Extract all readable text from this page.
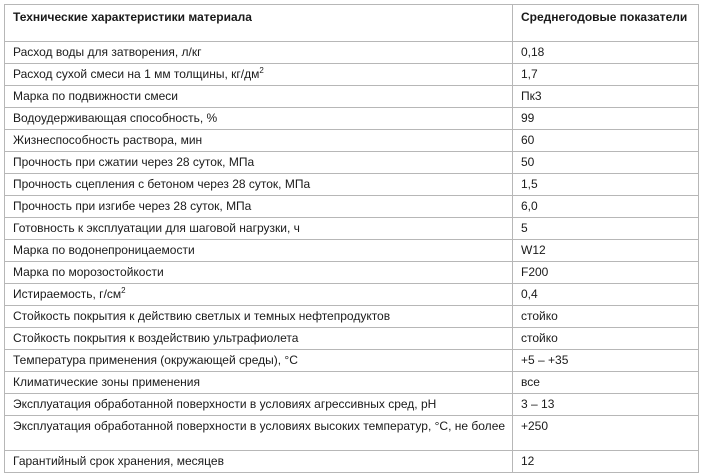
Технические характеристики материала	Среднегодовые показатели
Расход воды для затворения, л/кг	0,18
Расход сухой смеси на 1 мм толщины, $кг/дм^2$	1,7
Марка по подвижности смеси	Пк3
Водоудерживающая способность, %	99
Жизнеспособность раствора, мин	60
Прочность при сжатии через 28 суток, МПа	50
Прочность сцепления с бетоном через 28 суток, МПа	1,5
Прочность при изгибе через 28 суток, МПа	6,0
Готовность к эксплуатации для шаговой нагрузки, ч	5
Марка по водонепроницаемости	W12
Марка по морозостойкости	F200
Истираемость, $г/см^2$	0,4
Стойкость покрытия к действию светлых и темных нефтепродуктов	стойко
Стойкость покрытия к воздействию ультрафиолета	стойко
Температура применения (окружающей среды), °С	+5 – +35
Климатические зоны применения	все
Эксплуатация обработанной поверхности в условиях агрессивных сред, pH	3 – 13
Эксплуатация обработанной поверхности в условиях высоких температур, °С, не более	+250
Гарантийный срок хранения, месяцев	12
